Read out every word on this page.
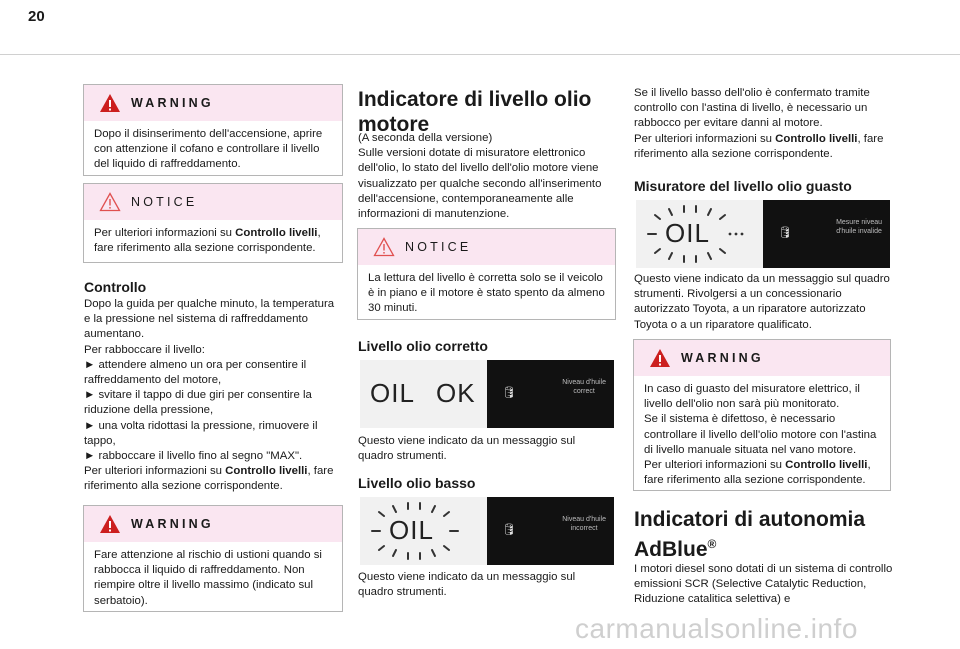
20
WARNING

Dopo il disinserimento dell'accensione, aprire con attenzione il cofano e controllare il livello del liquido di raffreddamento.

NOTICE

Per ulteriori informazioni su Controllo livelli, fare riferimento alla sezione corrispondente.

Controllo

Dopo la guida per qualche minuto, la temperatura e la pressione nel sistema di raffreddamento aumentano.

Per rabboccare il livello:

► attendere almeno un ora per consentire il raffreddamento del motore,

► svitare il tappo di due giri per consentire la riduzione della pressione,

► una volta ridottasi la pressione, rimuovere il tappo,

► rabboccare il livello fino al segno "MAX".

Per ulteriori informazioni su Controllo livelli, fare riferimento alla sezione corrispondente.

WARNING

Fare attenzione al rischio di ustioni quando si rabbocca il liquido di raffreddamento. Non riempire oltre il livello massimo (indicato sul serbatoio).

Indicatore di livello olio motore

(A seconda della versione)

Sulle versioni dotate di misuratore elettronico dell'olio, lo stato del livello dell'olio motore viene visualizzato per qualche secondo all'inserimento dell'accensione, contemporaneamente alle informazioni di manutenzione.

NOTICE

La lettura del livello è corretta solo se il veicolo è in piano e il motore è stato spento da almeno 30 minuti.

Livello olio corretto
OIL OK 🛢
Niveau d'huile
correct
Questo viene indicato da un messaggio sul quadro strumenti.
Livello olio basso
OIL	🛢
Niveau d'huile
incorrect
Questo viene indicato da un messaggio sul quadro strumenti.

Se il livello basso dell'olio è confermato tramite controllo con l'astina di livello, è necessario un rabbocco per evitare danni al motore.

Per ulteriori informazioni su Controllo livelli, fare riferimento alla sezione corrispondente.

Misuratore del livello olio guasto
OIL	🛢
Mesure niveau
d'huile invalide
Questo viene indicato da un messaggio sul quadro strumenti. Rivolgersi a un concessionario autorizzato Toyota, a un riparatore autorizzato Toyota o a un riparatore qualificato.
WARNING

In caso di guasto del misuratore elettrico, il livello dell'olio non sarà più monitorato.

Se il sistema è difettoso, è necessario controllare il livello dell'olio motore con l'astina di livello manuale situata nel vano motore.

Per ulteriori informazioni su Controllo livelli, fare riferimento alla sezione corrispondente.

Indicatori di autonomia
AdBlue®
I motori diesel sono dotati di un sistema di controllo emissioni SCR (Selective Catalytic Reduction, Riduzione catalitica selettiva) e
carmanualsonline.info
